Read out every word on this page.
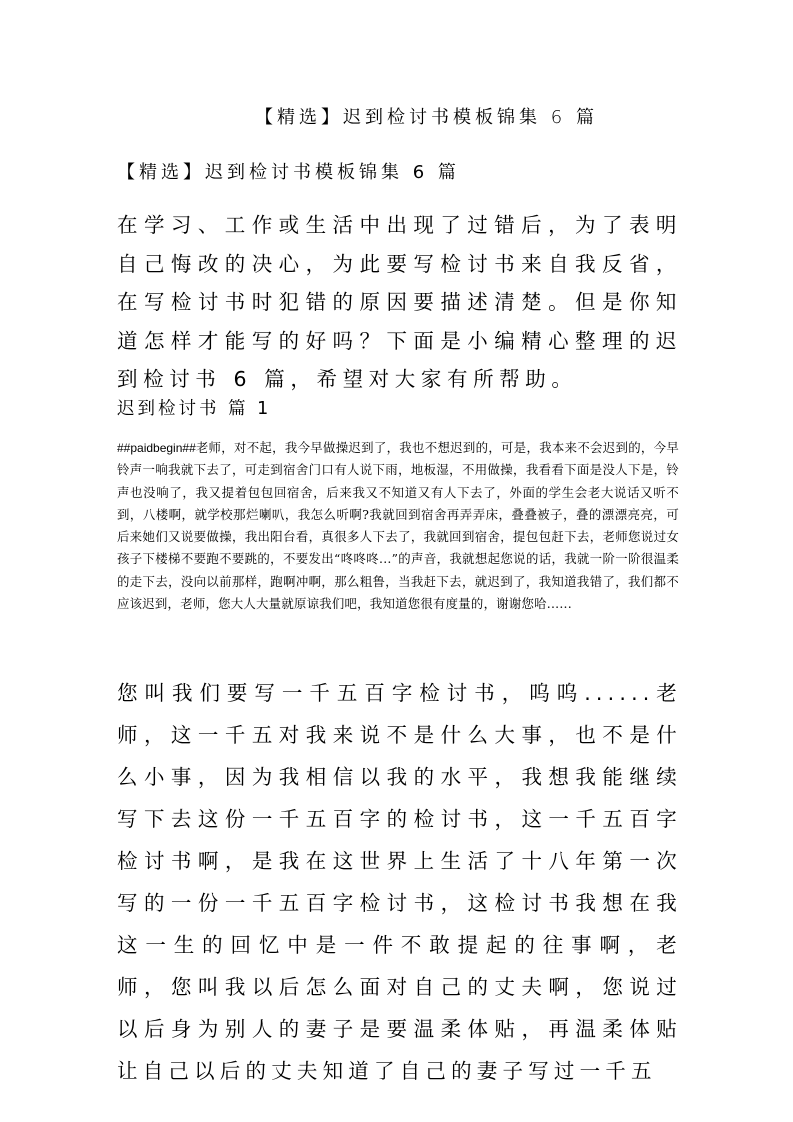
【精选】迟到检讨书模板锦集 6 篇
【精选】迟到检讨书模板锦集 6 篇
在学习、工作或生活中出现了过错后，为了表明自己悔改的决心，为此要写检讨书来自我反省，在写检讨书时犯错的原因要描述清楚。但是你知道怎样才能写的好吗？下面是小编精心整理的迟到检讨书 6 篇，希望对大家有所帮助。
迟到检讨书 篇 1
##paidbegin##老师，对不起，我今早做操迟到了，我也不想迟到的，可是，我本来不会迟到的，今早铃声一响我就下去了，可走到宿舍门口有人说下雨，地板湿，不用做操，我看看下面是没人下是，铃声也没响了，我又提着包包回宿舍，后来我又不知道又有人下去了，外面的学生会老大说话又听不到，八楼啊，就学校那烂喇叭，我怎么听啊?我就回到宿舍再弄弄床，叠叠被子，叠的漂漂亮亮，可后来她们又说要做操，我出阳台看，真很多人下去了，我就回到宿舍，提包包赶下去，老师您说过女孩子下楼梯不要跑不要跳的，不要发出“咚咚咚...”的声音，我就想起您说的话，我就一阶一阶很温柔的走下去，没向以前那样，跑啊冲啊，那么粗鲁，当我赶下去，就迟到了，我知道我错了，我们都不应该迟到，老师，您大人大量就原谅我们吧，我知道您很有度量的，谢谢您哈......
您叫我们要写一千五百字检讨书，呜呜......老师，这一千五对我来说不是什么大事，也不是什么小事，因为我相信以我的水平，我想我能继续写下去这份一千五百字的检讨书，这一千五百字检讨书啊，是我在这世界上生活了十八年第一次写的一份一千五百字检讨书，这检讨书我想在我这一生的回忆中是一件不敢提起的往事啊，老师，您叫我以后怎么面对自己的丈夫啊，您说过以后身为别人的妻子是要温柔体贴，再温柔体贴让自己以后的丈夫知道了自己的妻子写过一千五
